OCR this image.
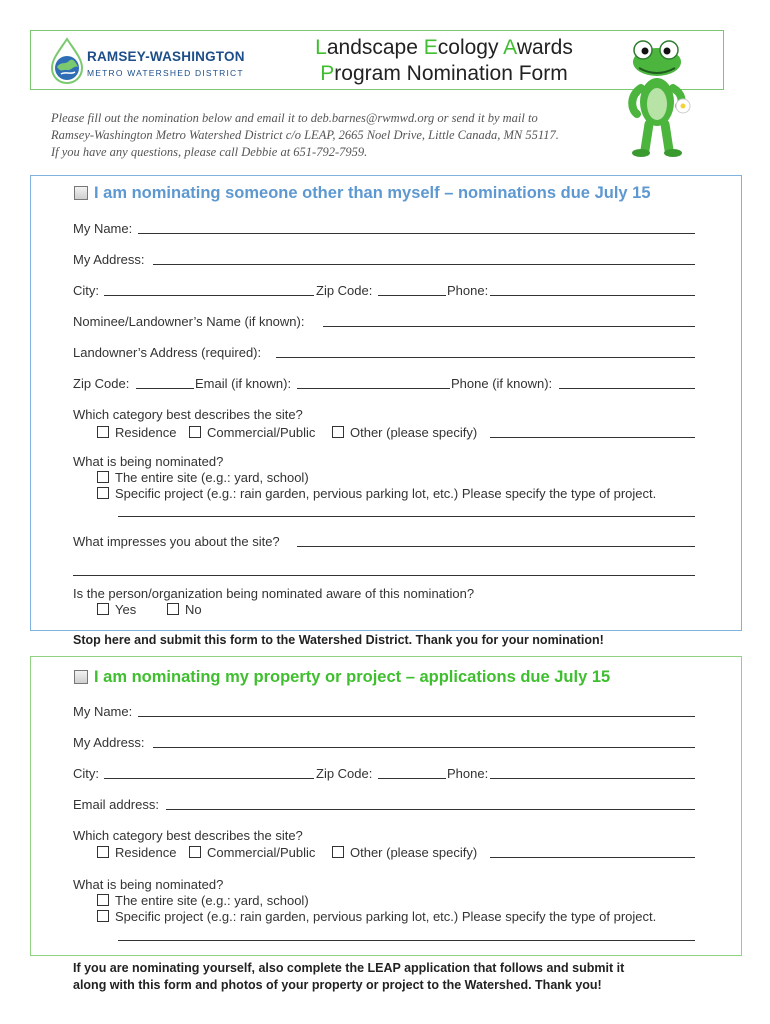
RAMSEY-WASHINGTON
METRO WATERSHED DISTRICT
Landscape Ecology Awards
Program Nomination Form
Please fill out the nomination below and email it to deb.barnes@rwmwd.org or send it by mail to
Ramsey-Washington Metro Watershed District c/o LEAP, 2665 Noel Drive, Little Canada, MN 55117.
If you have any questions, please call Debbie at 651-792-7959.
I am nominating someone other than myself – nominations due July 15
My Name:
My Address:
City:	Zip Code:	Phone:
Nominee/Landowner’s Name (if known):
Landowner’s Address (required):
Zip Code:	Email (if known):	Phone (if known):
Which category best describes the site?
Residence Commercial/Public	Other (please specify)
What is being nominated?
The entire site (e.g.: yard, school)
Specific project (e.g.: rain garden, pervious parking lot, etc.) Please specify the type of project.
What impresses you about the site?
Is the person/organization being nominated aware of this nomination?
Yes	No
Stop here and submit this form to the Watershed District. Thank you for your nomination!
I am nominating my property or project – applications due July 15
My Name:
My Address:
City:	Zip Code:	Phone:
Email address:
Which category best describes the site?
Residence Commercial/Public	Other (please specify)
What is being nominated?
The entire site (e.g.: yard, school)
Specific project (e.g.: rain garden, pervious parking lot, etc.) Please specify the type of project.
If you are nominating yourself, also complete the LEAP application that follows and submit it
along with this form and photos of your property or project to the Watershed. Thank you!
